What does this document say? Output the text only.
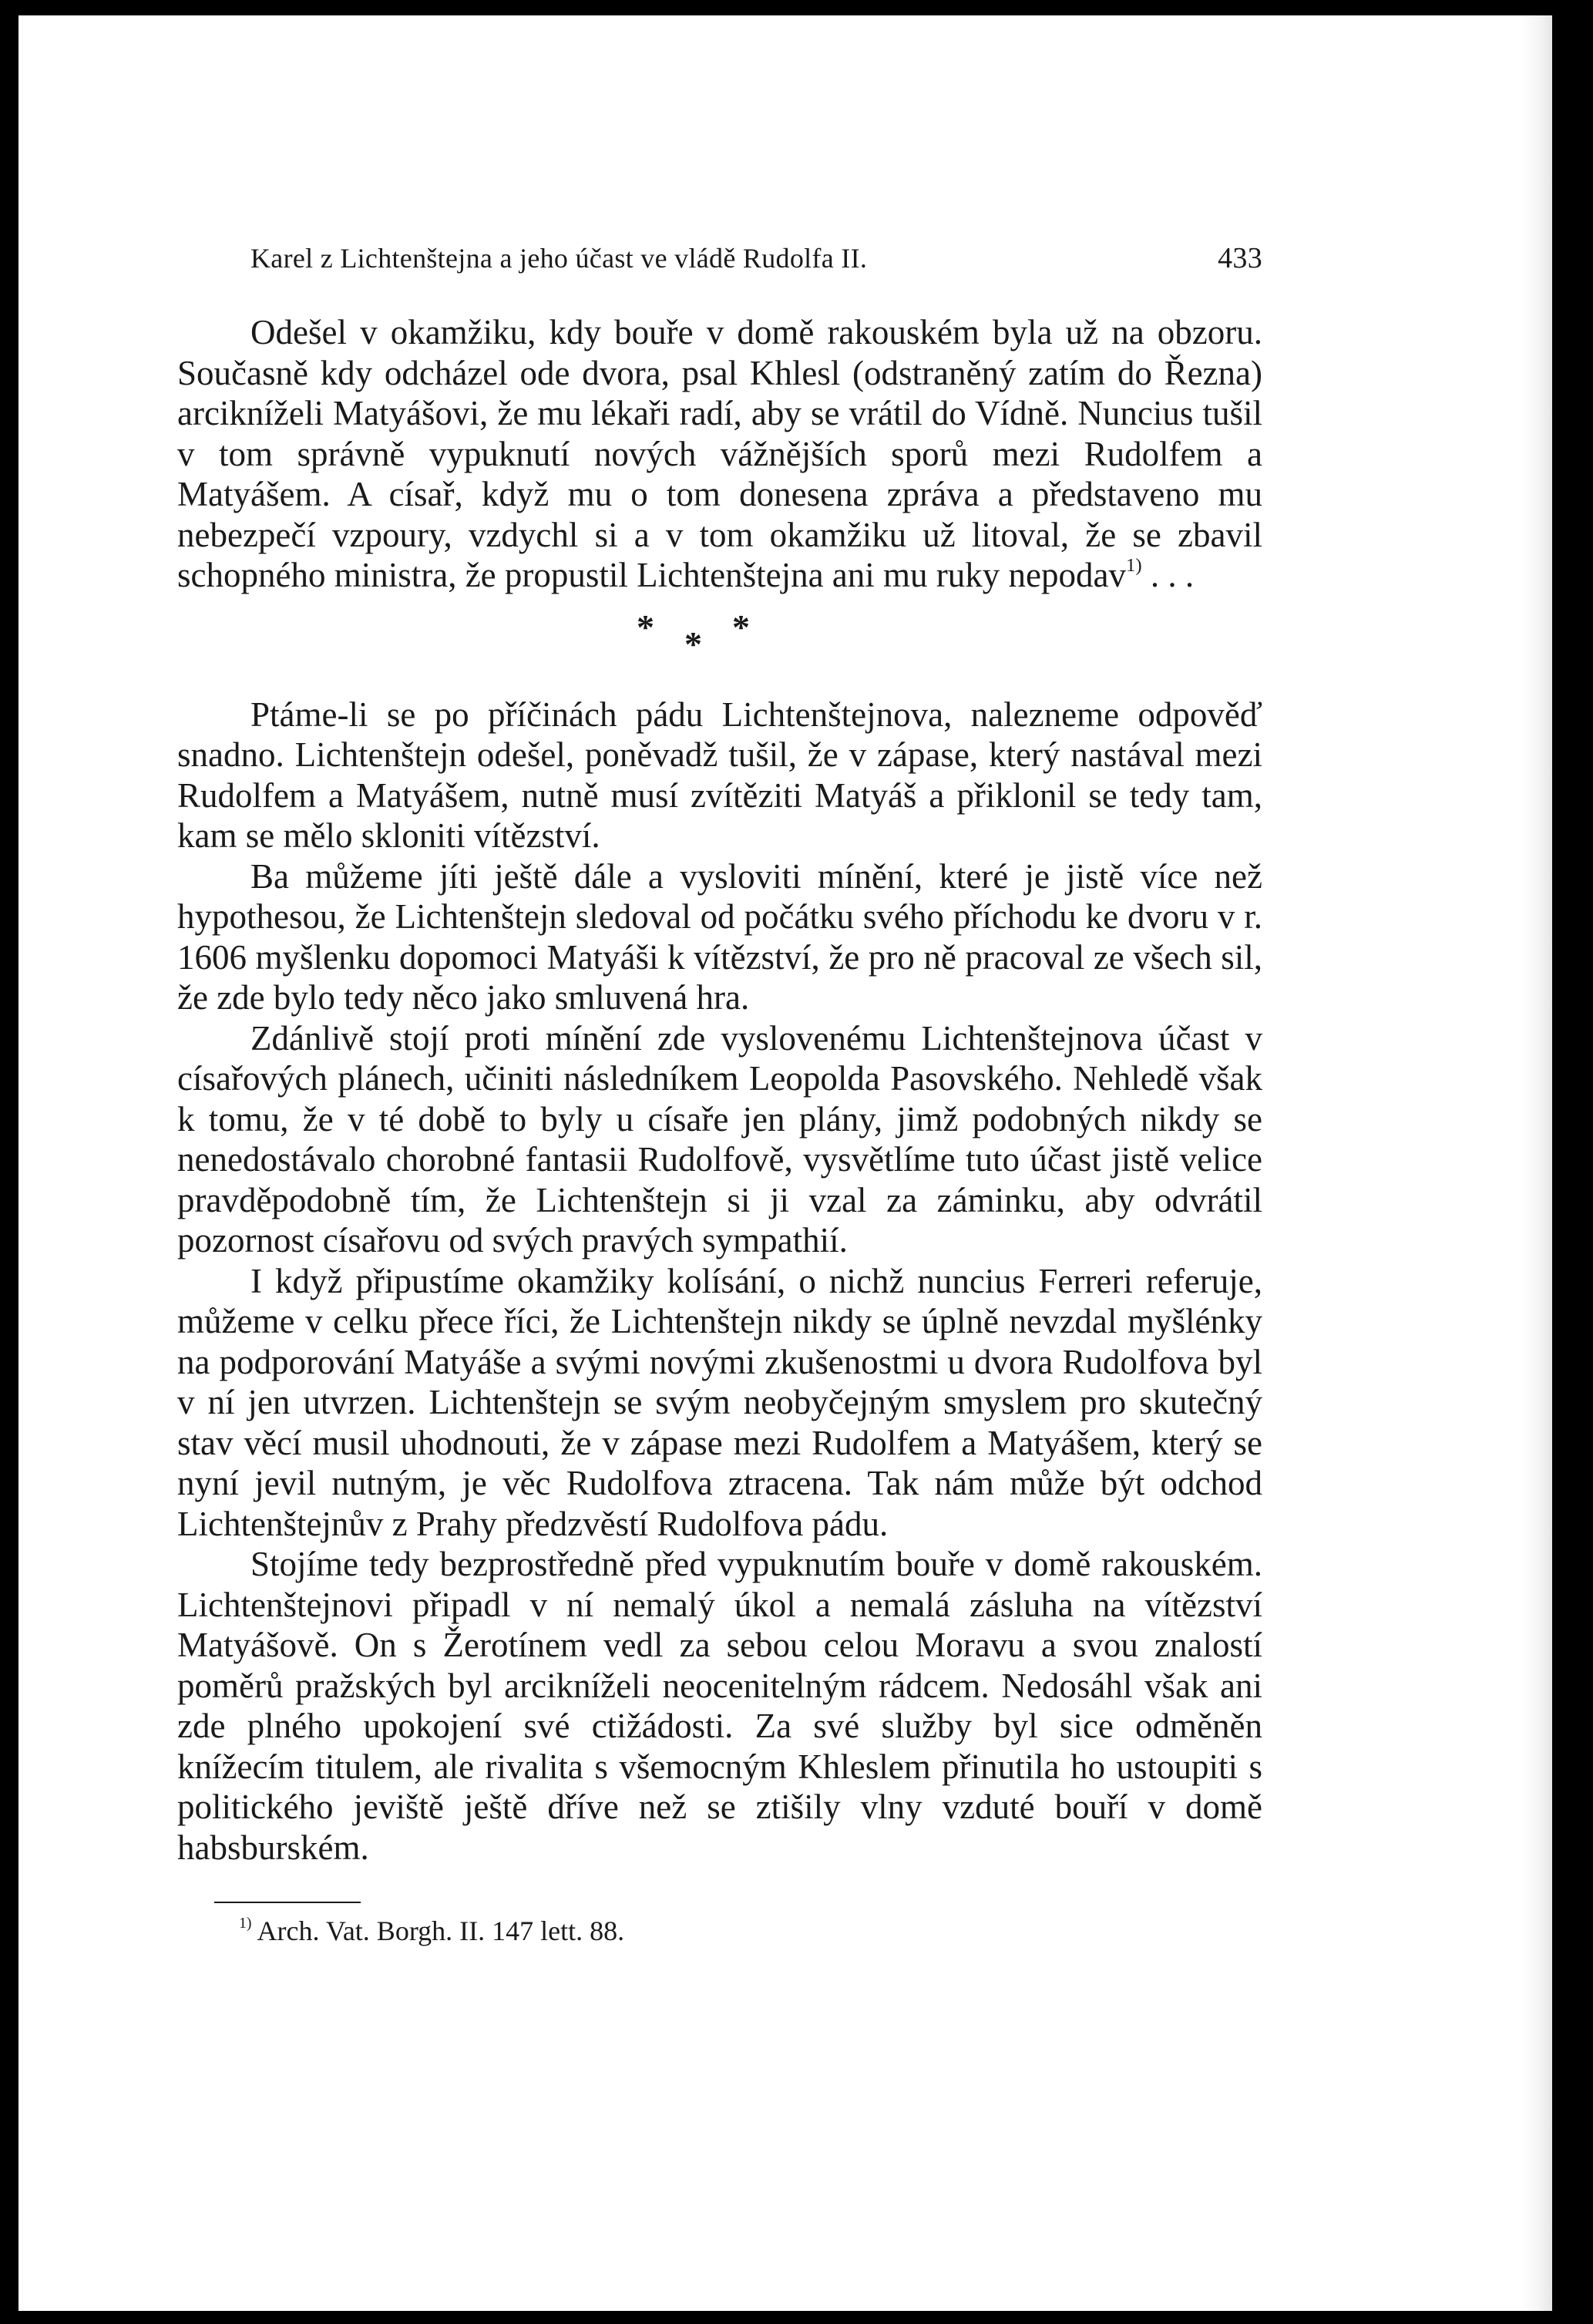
Karel z Lichtenštejna a jeho účast ve vládě Rudolfa II.	433

Odešel v okamžiku, kdy bouře v domě rakouském byla už na obzoru. Současně kdy odcházel ode dvora, psal Khlesl (odstraněný zatím do Řezna) arcikníželi Matyášovi, že mu lékaři radí, aby se vrátil do Vídně. Nuncius tušil v tom správně vypuknutí nových vážnějších sporů mezi Rudolfem a Matyášem. A císař, když mu o tom donesena zpráva a představeno mu nebezpečí vzpoury, vzdychl si a v tom okamžiku už litoval, že se zbavil schopného ministra, že propustil Lichtenštejna ani mu ruky nepodav$^{1)}$ . . .

* * *

Ptáme-li se po příčinách pádu Lichtenštejnova, nalezneme odpověď snadno. Lichtenštejn odešel, poněvadž tušil, že v zápase, který nastával mezi Rudolfem a Matyášem, nutně musí zvítěziti Matyáš a přiklonil se tedy tam, kam se mělo skloniti vítězství.

Ba můžeme jíti ještě dále a vysloviti mínění, které je jistě více než hypothesou, že Lichtenštejn sledoval od počátku svého příchodu ke dvoru v r. 1606 myšlenku dopomoci Matyáši k vítězství, že pro ně pracoval ze všech sil, že zde bylo tedy něco jako smluvená hra.

Zdánlivě stojí proti mínění zde vyslovenému Lichtenštejnova účast v císařových plánech, učiniti následníkem Leopolda Pasovského. Nehledě však k tomu, že v té době to byly u císaře jen plány, jimž podobných nikdy se nenedostávalo chorobné fantasii Rudolfově, vysvětlíme tuto účast jistě velice pravděpodobně tím, že Lichtenštejn si ji vzal za záminku, aby odvrátil pozornost císařovu od svých pravých sympathií.

I když připustíme okamžiky kolísání, o nichž nuncius Ferreri referuje, můžeme v celku přece říci, že Lichtenštejn nikdy se úplně nevzdal myšlénky na podporování Matyáše a svými novými zkušenostmi u dvora Rudolfova byl v ní jen utvrzen. Lichtenštejn se svým neobyčejným smyslem pro skutečný stav věcí musil uhodnouti, že v zápase mezi Rudolfem a Matyášem, který se nyní jevil nutným, je věc Rudolfova ztracena. Tak nám může být odchod Lichtenštejnův z Prahy předzvěstí Rudolfova pádu.

Stojíme tedy bezprostředně před vypuknutím bouře v domě rakouském. Lichtenštejnovi připadl v ní nemalý úkol a nemalá zásluha na vítězství Matyášově. On s Žerotínem vedl za sebou celou Moravu a svou znalostí poměrů pražských byl arcikníželi neocenitelným rádcem. Nedosáhl však ani zde plného upokojení své ctižádosti. Za své služby byl sice odměněn knížecím titulem, ale rivalita s všemocným Khleslem přinutila ho ustoupiti s politického jeviště ještě dříve než se ztišily vlny vzduté bouří v domě habsburském.

$^{1)}$ Arch. Vat. Borgh. II. 147 lett. 88.
